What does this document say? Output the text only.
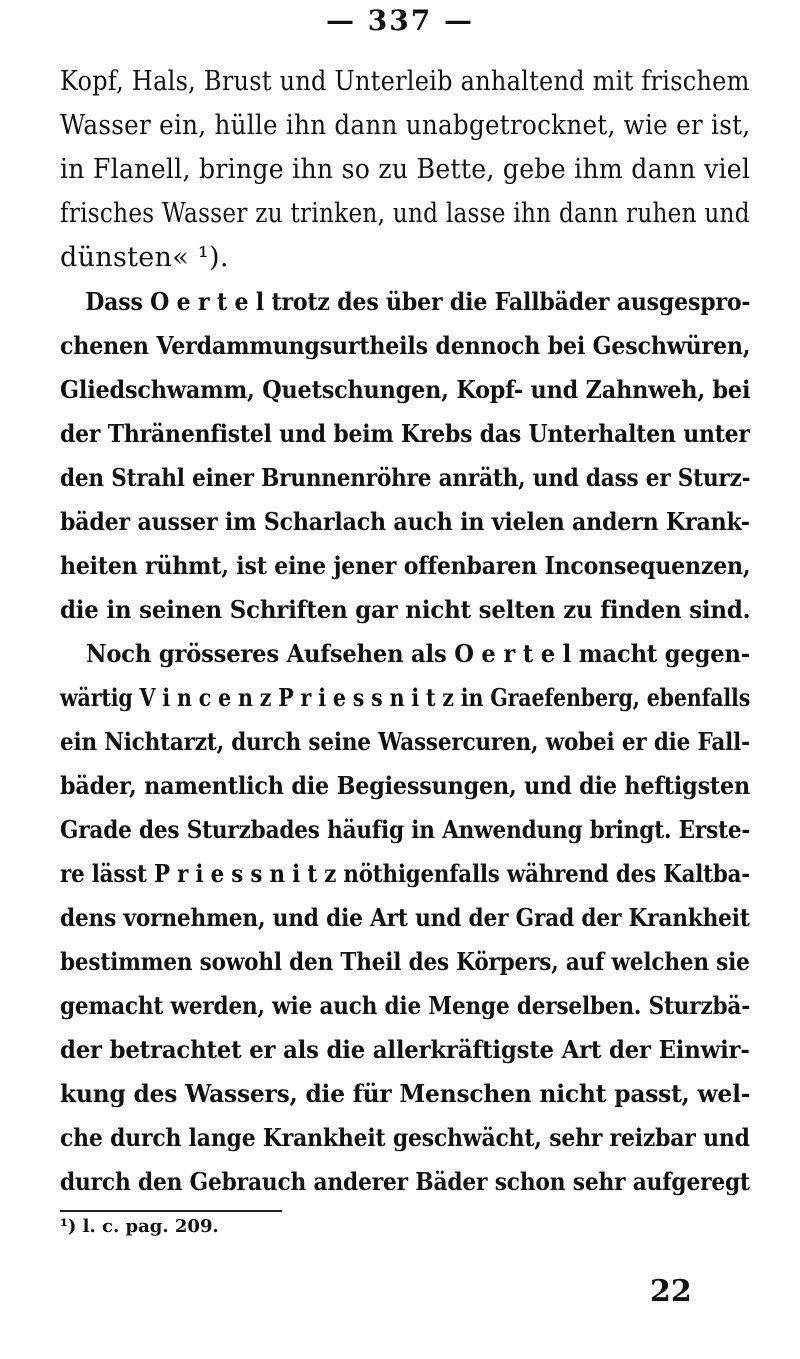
— 337 —
Kopf, Hals, Brust und Unterleib anhaltend mit frischem
Wasser ein, hülle ihn dann unabgetrocknet, wie er ist,
in Flanell, bringe ihn so zu Bette, gebe ihm dann viel
frisches Wasser zu trinken, und lasse ihn dann ruhen und
dünsten« ¹).
Dass O e r t e l trotz des über die Fallbäder ausgespro-
chenen Verdammungsurtheils dennoch bei Geschwüren,
Gliedschwamm, Quetschungen, Kopf- und Zahnweh, bei
der Thränenfistel und beim Krebs das Unterhalten unter
den Strahl einer Brunnenröhre anräth, und dass er Sturz-
bäder ausser im Scharlach auch in vielen andern Krank-
heiten rühmt, ist eine jener offenbaren Inconsequenzen,
die in seinen Schriften gar nicht selten zu finden sind.
Noch grösseres Aufsehen als O e r t e l macht gegen-
wärtig V i n c e n z P r i e s s n i t z in Graefenberg, ebenfalls
ein Nichtarzt, durch seine Wassercuren, wobei er die Fall-
bäder, namentlich die Begiessungen, und die heftigsten
Grade des Sturzbades häufig in Anwendung bringt. Erste-
re lässt P r i e s s n i t z nöthigenfalls während des Kaltba-
dens vornehmen, und die Art und der Grad der Krankheit
bestimmen sowohl den Theil des Körpers, auf welchen sie
gemacht werden, wie auch die Menge derselben. Sturzbä-
der betrachtet er als die allerkräftigste Art der Einwir-
kung des Wassers, die für Menschen nicht passt, wel-
che durch lange Krankheit geschwächt, sehr reizbar und
durch den Gebrauch anderer Bäder schon sehr aufgeregt
¹) l. c. pag. 209.
22
